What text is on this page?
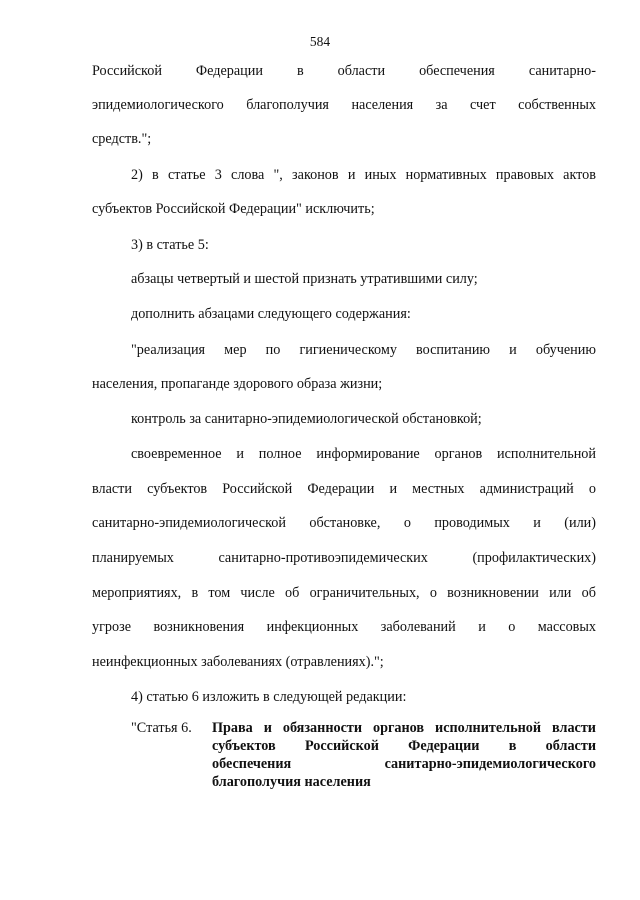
584
Российской Федерации в области обеспечения санитарно-
эпидемиологического благополучия населения за счет собственных
средств.";
2) в статье 3 слова ", законов и иных нормативных правовых актов
субъектов Российской Федерации" исключить;
3) в статье 5:
абзацы четвертый и шестой признать утратившими силу;
дополнить абзацами следующего содержания:
"реализация мер по гигиеническому воспитанию и обучению
населения, пропаганде здорового образа жизни;
контроль за санитарно-эпидемиологической обстановкой;
своевременное и полное информирование органов исполнительной
власти субъектов Российской Федерации и местных администраций о
санитарно-эпидемиологической обстановке, о проводимых и (или)
планируемых	санитарно-противоэпидемических	(профилактических)
мероприятиях, в том числе об ограничительных, о возникновении или об
угрозе возникновения инфекционных заболеваний и о массовых
неинфекционных заболеваниях (отравлениях).";
4) статью 6 изложить в следующей редакции:
"Статья 6. Права и обязанности органов исполнительной власти
субъектов Российской Федерации в области
обеспечения	санитарно-эпидемиологического
благополучия населения
